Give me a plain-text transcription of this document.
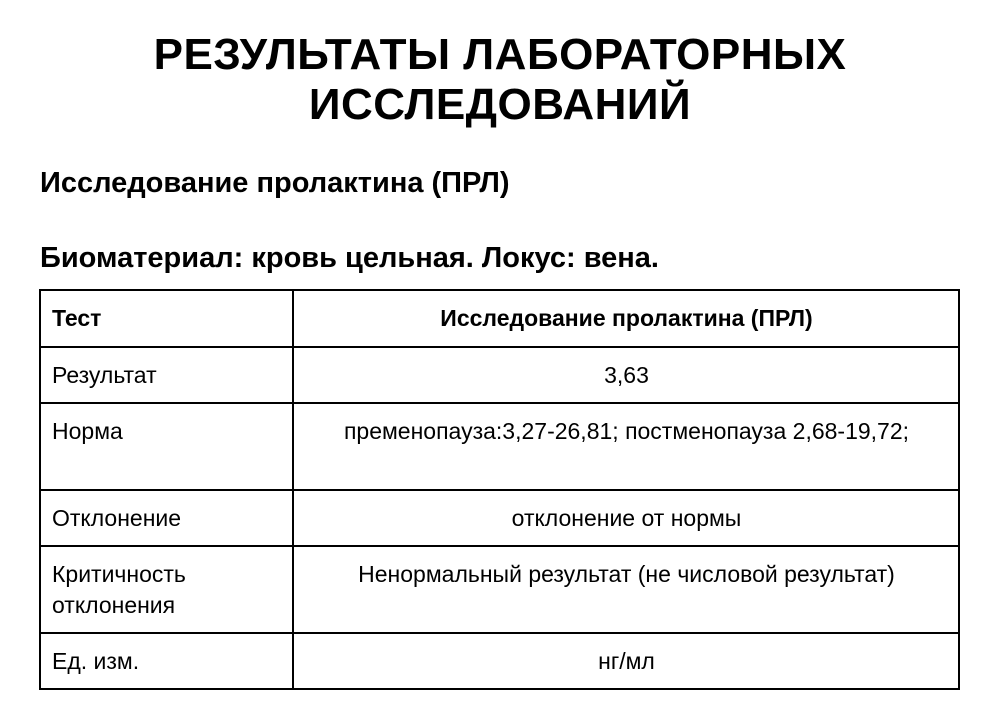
РЕЗУЛЬТАТЫ ЛАБОРАТОРНЫХ
ИССЛЕДОВАНИЙ
Исследование пролактина (ПРЛ)
Биоматериал: кровь цельная. Локус: вена.
Тест	Исследование пролактина (ПРЛ)
Результат	3,63
Норма	пременопауза:3,27-26,81; постменопауза 2,68-19,72;
Отклонение	отклонение от нормы
Критичность отклонения	Ненормальный результат (не числовой результат)
Ед. изм.	нг/мл
